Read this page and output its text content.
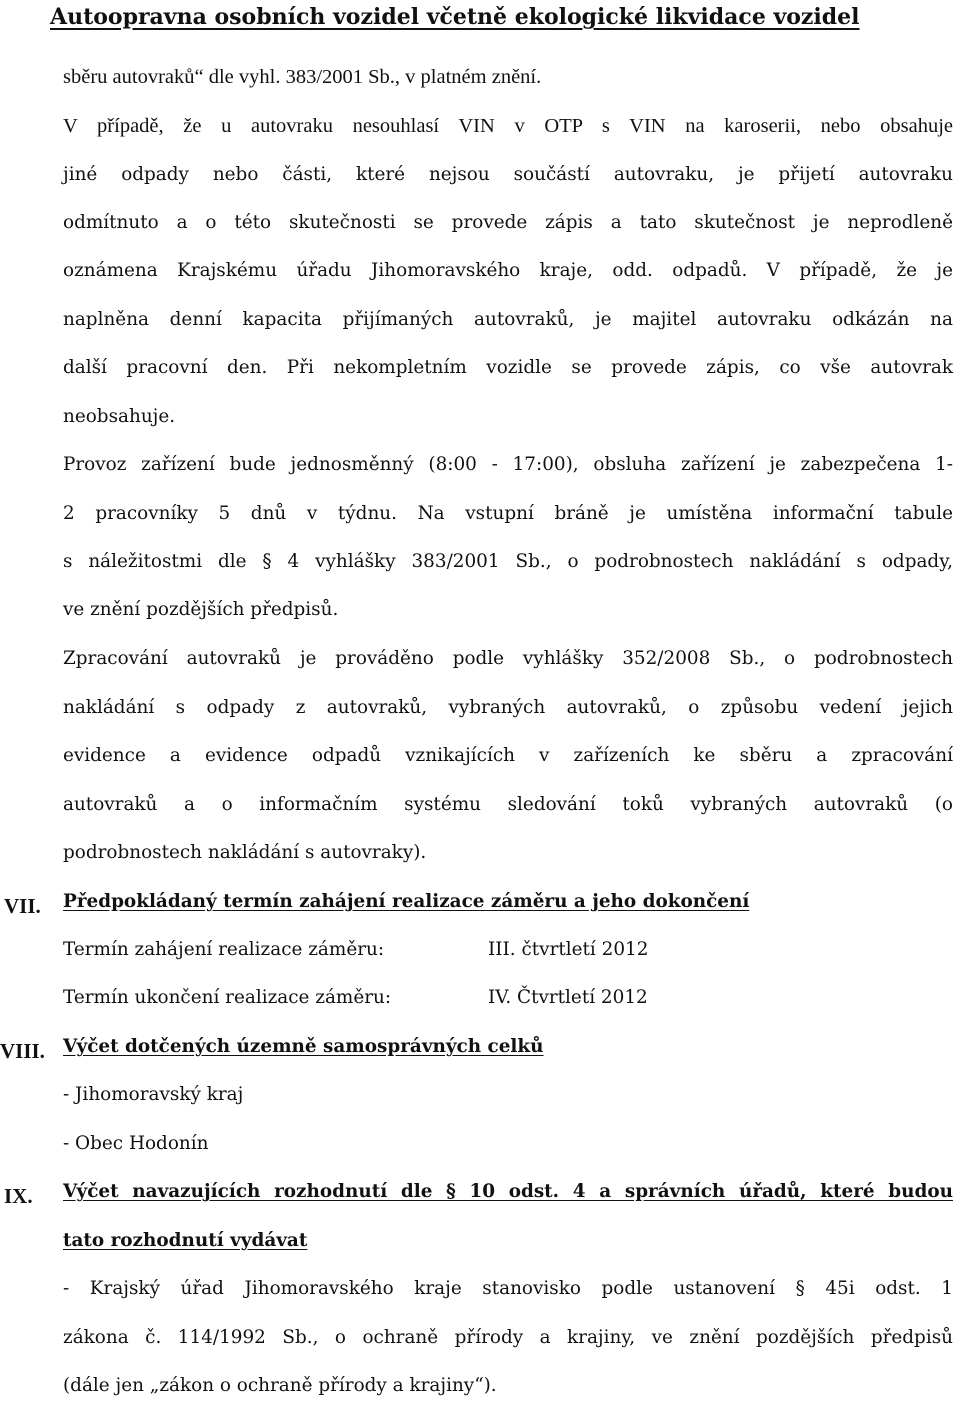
Autoopravna osobních vozidel včetně ekologické likvidace vozidel
sběru autovraků“ dle vyhl. 383/2001 Sb., v platném znění.
V případě, že u autovraku nesouhlasí VIN v OTP s VIN na karoserii, nebo obsahuje
jiné odpady nebo části, které nejsou součástí autovraku, je přijetí autovraku
odmítnuto a o této skutečnosti se provede zápis a tato skutečnost je neprodleně
oznámena Krajskému úřadu Jihomoravského kraje, odd. odpadů. V případě, že je
naplněna denní kapacita přijímaných autovraků, je majitel autovraku odkázán na
další pracovní den. Při nekompletním vozidle se provede zápis, co vše autovrak
neobsahuje.
Provoz zařízení bude jednosměnný (8:00 - 17:00), obsluha zařízení je zabezpečena 1-
2 pracovníky 5 dnů v týdnu. Na vstupní bráně je umístěna informační tabule
s náležitostmi dle § 4 vyhlášky 383/2001 Sb., o podrobnostech nakládání s odpady,
ve znění pozdějších předpisů.
Zpracování autovraků je prováděno podle vyhlášky 352/2008 Sb., o podrobnostech
nakládání s odpady z autovraků, vybraných autovraků, o způsobu vedení jejich
evidence a evidence odpadů vznikajících v zařízeních ke sběru a zpracování
autovraků a o informačním systému sledování toků vybraných autovraků (o
podrobnostech nakládání s autovraky).
VII.	Předpokládaný termín zahájení realizace záměru a jeho dokončení
Termín zahájení realizace záměru:	III. čtvrtletí 2012
Termín ukončení realizace záměru:	IV. Čtvrtletí 2012
VIII. Výčet dotčených územně samosprávných celků
- Jihomoravský kraj
- Obec Hodonín
IX.	Výčet navazujících rozhodnutí dle § 10 odst. 4 a správních úřadů, které budou
tato rozhodnutí vydávat
- Krajský úřad Jihomoravského kraje stanovisko podle ustanovení § 45i odst. 1
zákona č. 114/1992 Sb., o ochraně přírody a krajiny, ve znění pozdějších předpisů
(dále jen „zákon o ochraně přírody a krajiny“).
